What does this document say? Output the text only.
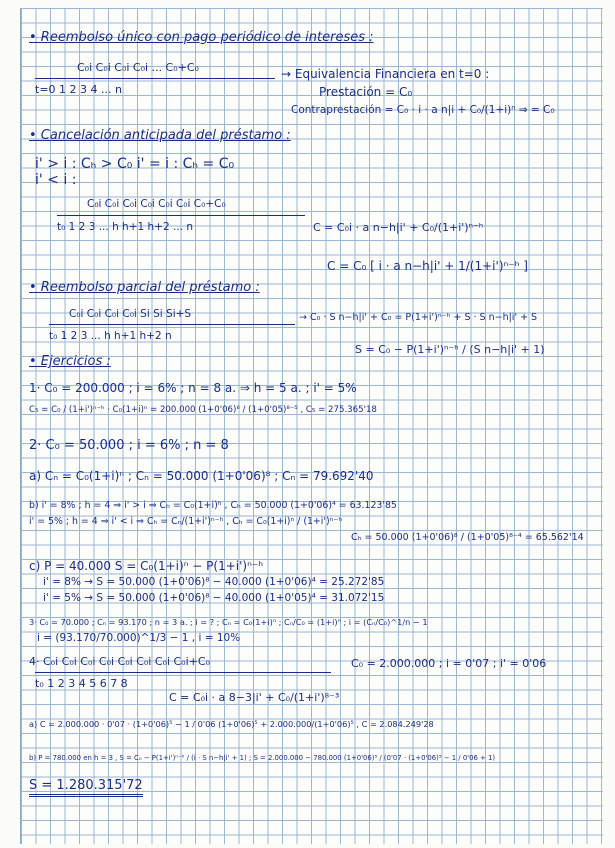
• Reembolso único con pago periódico de intereses :
C₀i C₀i C₀i C₀i ... C₀+C₀
t=0 1 2 3 4 ... n
→ Equivalencia Financiera en t=0 :
Prestación = C₀
Contraprestación = C₀ · i · a n|i + C₀/(1+i)ⁿ ⇒ = C₀
• Cancelación anticipada del préstamo :
i' > i : Cₕ > C₀ i' = i : Cₕ = C₀
i' < i :
C₀i C₀i C₀i C₀i C₀i C₀i C₀+C₀
t₀ 1 2 3 ... h h+1 h+2 ... n	C = C₀i · a n−h|i' + C₀/(1+i')ⁿ⁻ʰ
C = C₀ [ i · a n−h|i' + 1/(1+i')ⁿ⁻ʰ ]
• Reembolso parcial del préstamo :
C₀i C₀i C₀i C₀i Si Si Si+S
t₀ 1 2 3 ... h h+1 h+2 n
→ C₀ · S n−h|i' + C₀ = P(1+i')ⁿ⁻ʰ + S · S n−h|i' + S
S = C₀ − P(1+i')ⁿ⁻ʰ / (S n−h|i' + 1)
• Ejercicios :
1· C₀ = 200.000 ; i = 6% ; n = 8 a. ⇒ h = 5 a. ; i' = 5%
C₅ = C₀ / (1+i')ⁿ⁻ʰ · C₀(1+i)ⁿ = 200.000 (1+0'06)⁸ / (1+0'05)⁸⁻⁵ , C₅ = 275.365'18
2· C₀ = 50.000 ; i = 6% ; n = 8
a) Cₙ = C₀(1+i)ⁿ ; Cₙ = 50.000 (1+0'06)⁸ ; Cₙ = 79.692'40
b) i' = 8% ; h = 4 ⇒ i' > i ⇒ Cₕ = C₀(1+i)ʰ , Cₕ = 50.000 (1+0'06)⁴ = 63.123'85
i' = 5% ; h = 4 ⇒ i' < i ⇒ Cₕ = Cₙ/(1+i')ⁿ⁻ʰ , Cₕ = C₀(1+i)ⁿ / (1+i')ⁿ⁻ʰ
Cₕ = 50.000 (1+0'06)⁸ / (1+0'05)⁸⁻⁴ = 65.562'14
c) P = 40.000 S = C₀(1+i)ⁿ − P(1+i')ⁿ⁻ʰ
i' = 8% → S = 50.000 (1+0'06)⁸ − 40.000 (1+0'06)⁴ = 25.272'85
i' = 5% → S = 50.000 (1+0'06)⁸ − 40.000 (1+0'05)⁴ = 31.072'15
3· C₀ = 70.000 ; Cₙ = 93.170 ; n = 3 a. ; i = ? ; Cₙ = C₀(1+i)ⁿ ; Cₙ/C₀ = (1+i)ⁿ ; i = (Cₙ/C₀)^1/n − 1
i = (93.170/70.000)^1/3 − 1 , i = 10%
4· C₀i C₀i C₀i C₀i C₀i C₀i C₀i C₀i+C₀
t₀ 1 2 3 4 5 6 7 8
C₀ = 2.000.000 ; i = 0'07 ; i' = 0'06
C = C₀i · a 8−3|i' + C₀/(1+i')⁸⁻³
a) C = 2.000.000 · 0'07 · (1+0'06)⁵ − 1 / 0'06 (1+0'06)⁵ + 2.000.000/(1+0'06)⁵ , C = 2.084.249'28
b) P = 780.000 en h = 3 , S = C₀ − P(1+i')ⁿ⁻ʰ / (i · S n−h|i' + 1) ; S = 2.000.000 − 780.000 (1+0'06)⁵ / (0'07 · (1+0'06)⁵ − 1 / 0'06 + 1)
S = 1.280.315'72
